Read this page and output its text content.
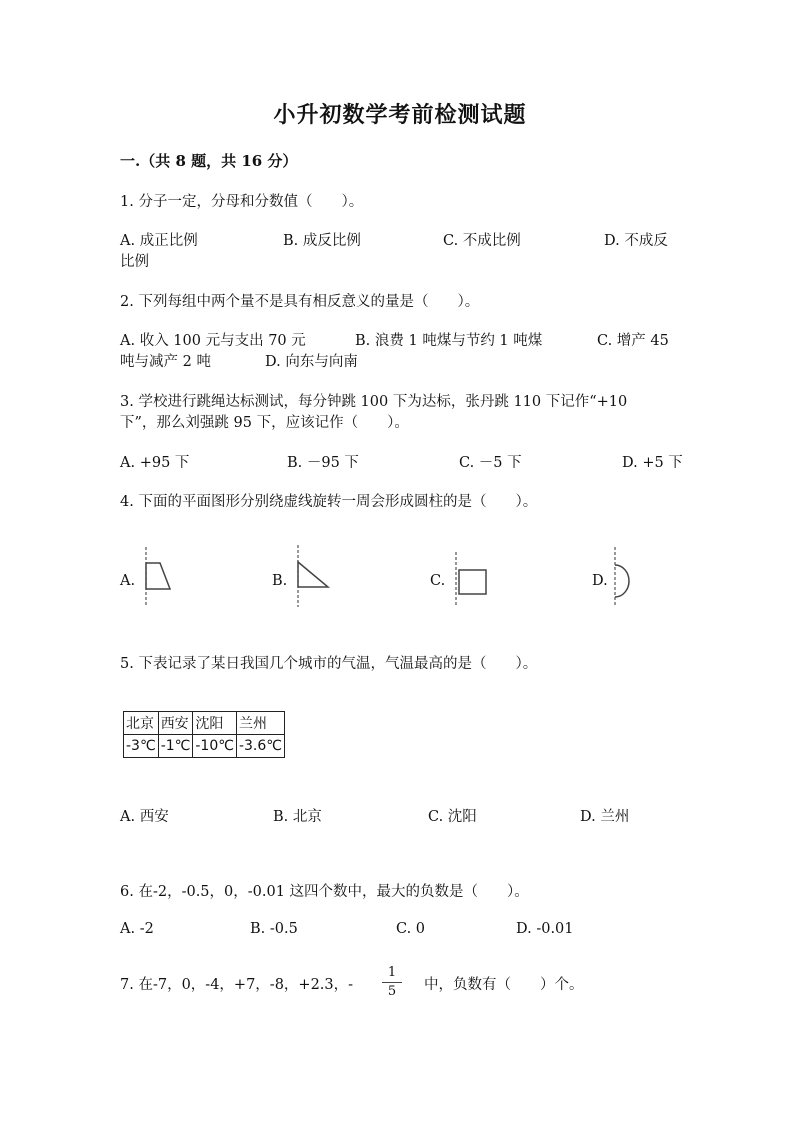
小升初数学考前检测试题
一.（共 8 题，共 16 分）
1. 分子一定，分母和分数值（　　）。
A. 成正比例	B. 成反比例	C. 不成比例	D. 不成反
比例
2. 下列每组中两个量不是具有相反意义的量是（　　）。
A. 收入 100 元与支出 70 元	B. 浪费 1 吨煤与节约 1 吨煤	C. 增产 45
吨与减产 2 吨	D. 向东与向南
3. 学校进行跳绳达标测试，每分钟跳 100 下为达标，张丹跳 110 下记作“+10
下”，那么刘强跳 95 下，应该记作（　　）。
A. +95 下	B. －95 下	C. －5 下	D. +5 下
4. 下面的平面图形分别绕虚线旋转一周会形成圆柱的是（　　）。
A.	B.	C.	D.
5. 下表记录了某日我国几个城市的气温，气温最高的是（　　）。
北京	西安	沈阳	兰州
-3℃	-1℃	-10℃	-3.6℃
A. 西安	B. 北京	C. 沈阳	D. 兰州
6. 在-2，-0.5，0，-0.01 这四个数中，最大的负数是（　　）。
A. -2	B. -0.5	C. 0	D. -0.01
7. 在-7，0，-4，+7，-8，+2.3，-
1
5	中，负数有（　　）个。
